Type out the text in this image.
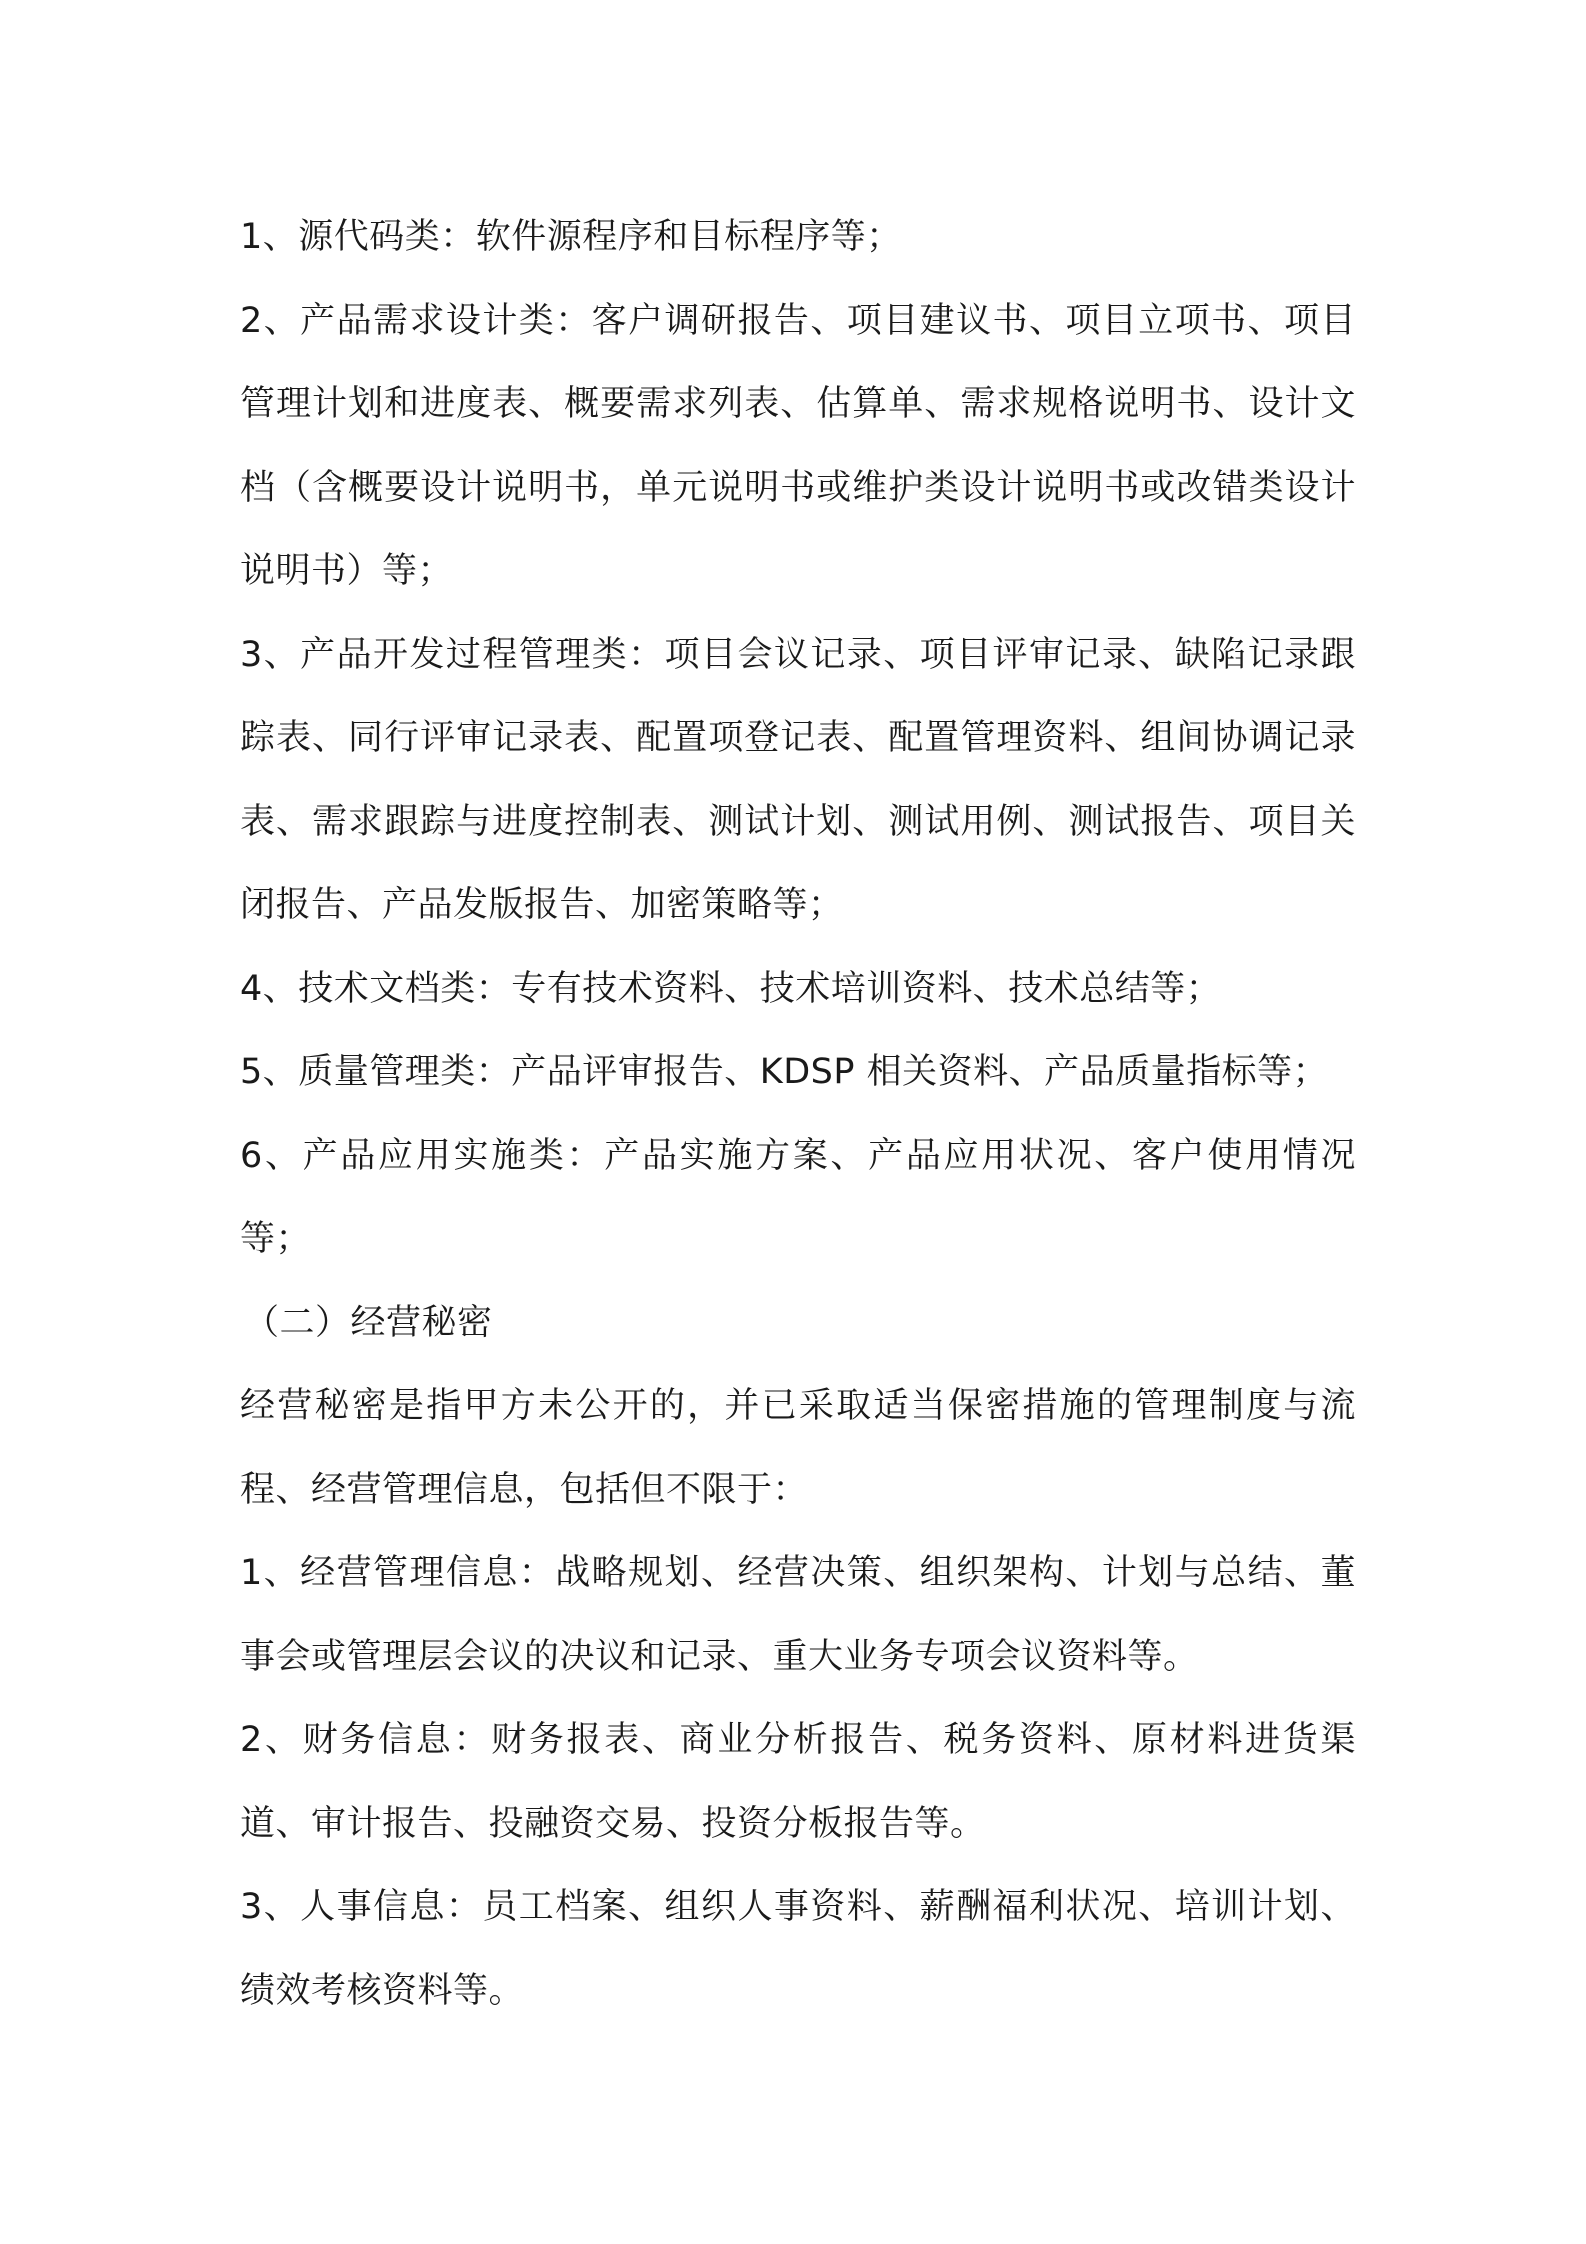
1、源代码类：软件源程序和目标程序等；

2、产品需求设计类：客户调研报告、项目建议书、项目立项书、项目管理计划和进度表、概要需求列表、估算单、需求规格说明书、设计文档（含概要设计说明书，单元说明书或维护类设计说明书或改错类设计说明书）等；

3、产品开发过程管理类：项目会议记录、项目评审记录、缺陷记录跟踪表、同行评审记录表、配置项登记表、配置管理资料、组间协调记录表、需求跟踪与进度控制表、测试计划、测试用例、测试报告、项目关闭报告、产品发版报告、加密策略等；

4、技术文档类：专有技术资料、技术培训资料、技术总结等；

5、质量管理类：产品评审报告、KDSP 相关资料、产品质量指标等；

6、产品应用实施类：产品实施方案、产品应用状况、客户使用情况等；

（二）经营秘密

经营秘密是指甲方未公开的，并已采取适当保密措施的管理制度与流程、经营管理信息，包括但不限于：

1、经营管理信息：战略规划、经营决策、组织架构、计划与总结、董事会或管理层会议的决议和记录、重大业务专项会议资料等。

2、财务信息：财务报表、商业分析报告、税务资料、原材料进货渠道、审计报告、投融资交易、投资分板报告等。

3、人事信息：员工档案、组织人事资料、薪酬福利状况、培训计划、绩效考核资料等。
